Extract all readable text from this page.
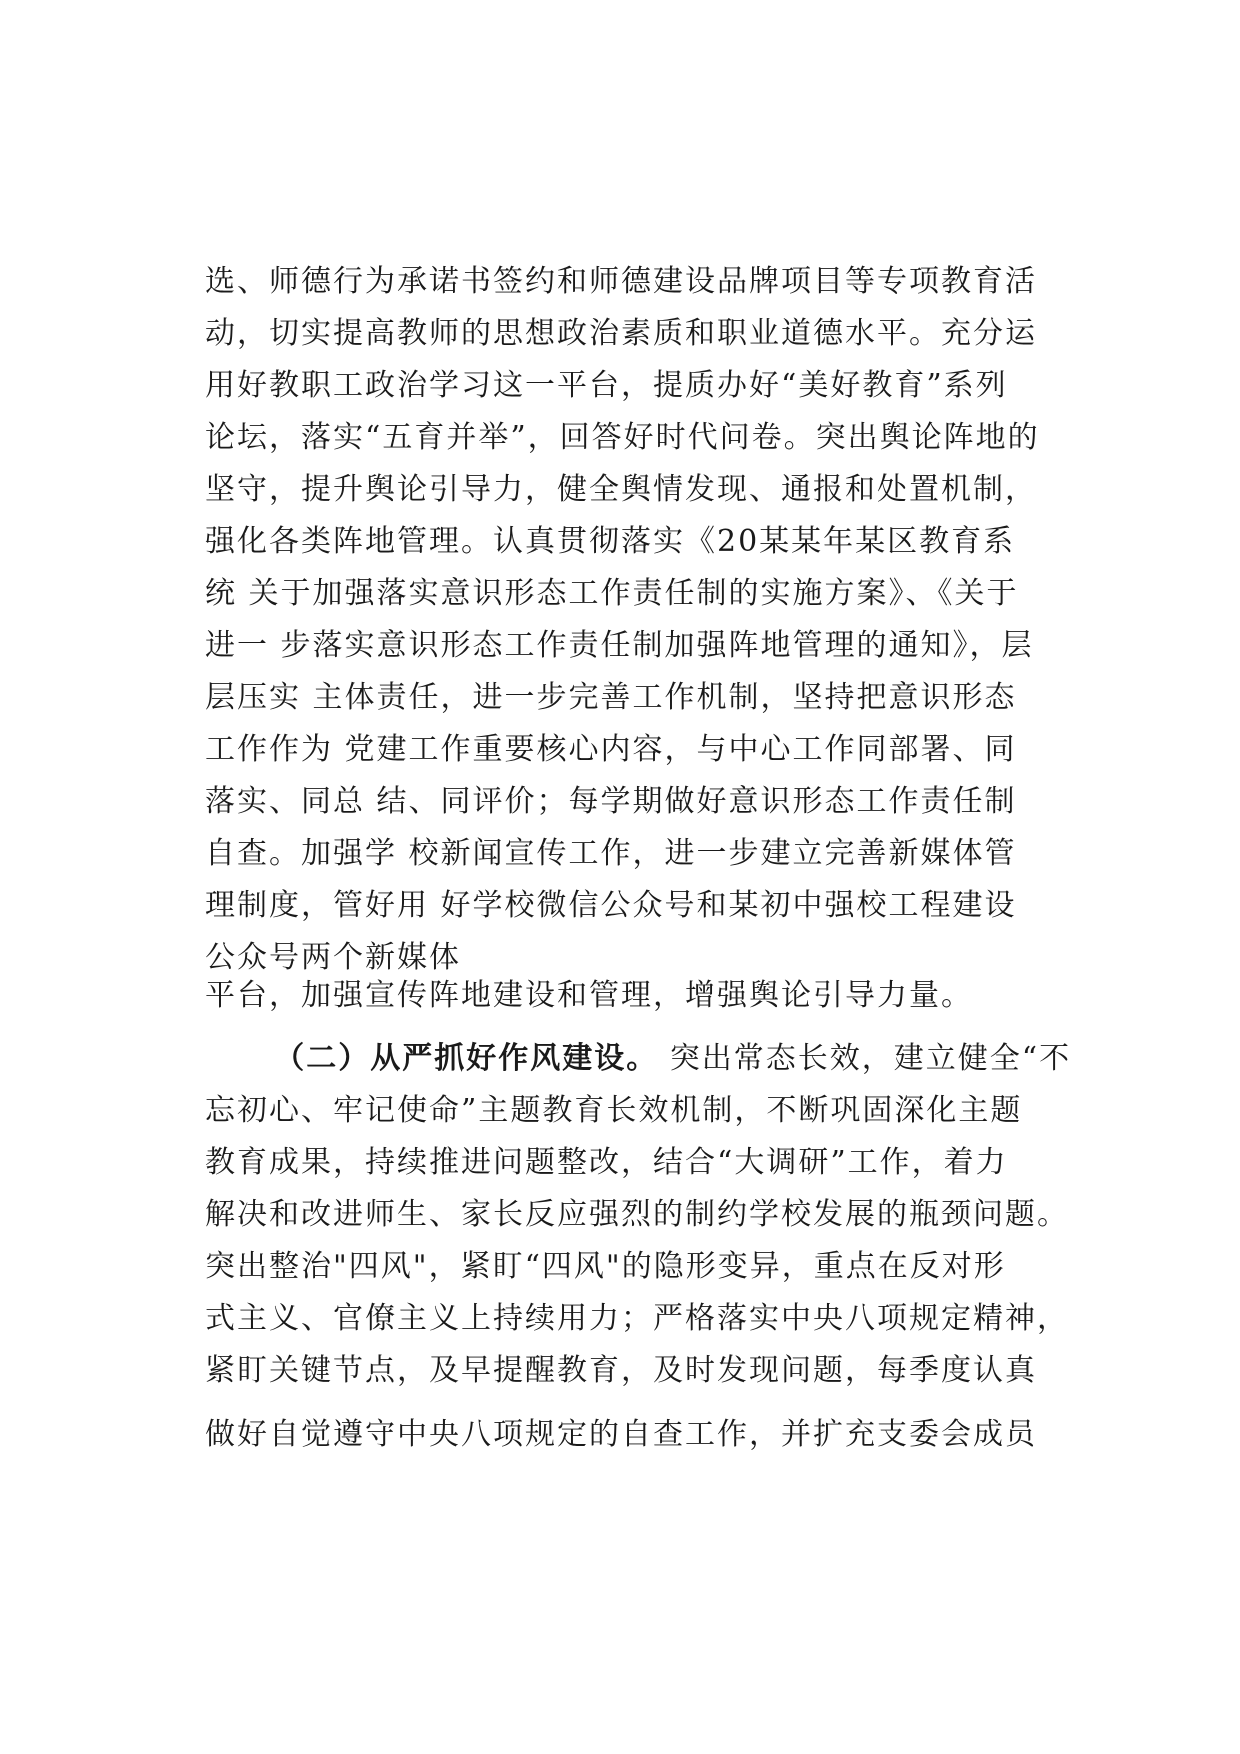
选、师德行为承诺书签约和师德建设品牌项目等专项教育活
动，切实提高教师的思想政治素质和职业道德水平。充分运
用好教职工政治学习这一平台，提质办好“美好教育”系列
论坛，落实“五育并举”，回答好时代问卷。突出舆论阵地的
坚守，提升舆论引导力，健全舆情发现、通报和处置机制，
强化各类阵地管理。认真贯彻落实《20某某年某区教育系
统 关于加强落实意识形态工作责任制的实施方案》、《关于
进一 步落实意识形态工作责任制加强阵地管理的通知》，层
层压实 主体责任，进一步完善工作机制，坚持把意识形态
工作作为 党建工作重要核心内容，与中心工作同部署、同
落实、同总 结、同评价；每学期做好意识形态工作责任制
自查。加强学 校新闻宣传工作，进一步建立完善新媒体管
理制度，管好用 好学校微信公众号和某初中强校工程建设
公众号两个新媒体
平台，加强宣传阵地建设和管理，增强舆论引导力量。
（二）从严抓好作风建设。 突出常态长效，建立健全“不
忘初心、牢记使命”主题教育长效机制，不断巩固深化主题
教育成果，持续推进问题整改，结合“大调研”工作，着力
解决和改进师生、家长反应强烈的制约学校发展的瓶颈问题。
突出整治"四风"，紧盯“四风"的隐形变异，重点在反对形
式主义、官僚主义上持续用力；严格落实中央八项规定精神，
紧盯关键节点，及早提醒教育，及时发现问题，每季度认真
做好自觉遵守中央八项规定的自查工作，并扩充支委会成员
